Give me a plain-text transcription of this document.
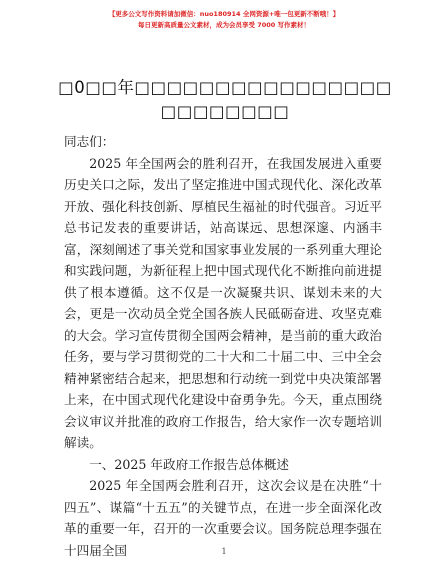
【更多公文写作资料请加微信：nuo180914 全网资源+唯一包更新不断哦！】
每日更新高质量公文素材，成为会员享受 7000 写作素材！
□0□□年□□□□□□□□□□□□□□□□□□□□□□□□

同志们：

2025 年全国两会的胜利召开，在我国发展进入重要历史关口之际，发出了坚定推进中国式现代化、深化改革开放、强化科技创新、厚植民生福祉的时代强音。习近平总书记发表的重要讲话，站高谋远、思想深邃、内涵丰富，深刻阐述了事关党和国家事业发展的一系列重大理论和实践问题，为新征程上把中国式现代化不断推向前进提供了根本遵循。这不仅是一次凝聚共识、谋划未来的大会，更是一次动员全党全国各族人民砥砺奋进、攻坚克难的大会。学习宣传贯彻全国两会精神，是当前的重大政治任务，要与学习贯彻党的二十大和二十届二中、三中全会精神紧密结合起来，把思想和行动统一到党中央决策部署上来，在中国式现代化建设中奋勇争先。今天，重点围绕会议审议并批准的政府工作报告，给大家作一次专题培训解读。

一、2025 年政府工作报告总体概述

2025 年全国两会胜利召开，这次会议是在决胜“十四五”、谋篇“十五五”的关键节点，在进一步全面深化改革的重要一年，召开的一次重要会议。国务院总理李强在十四届全国	1
